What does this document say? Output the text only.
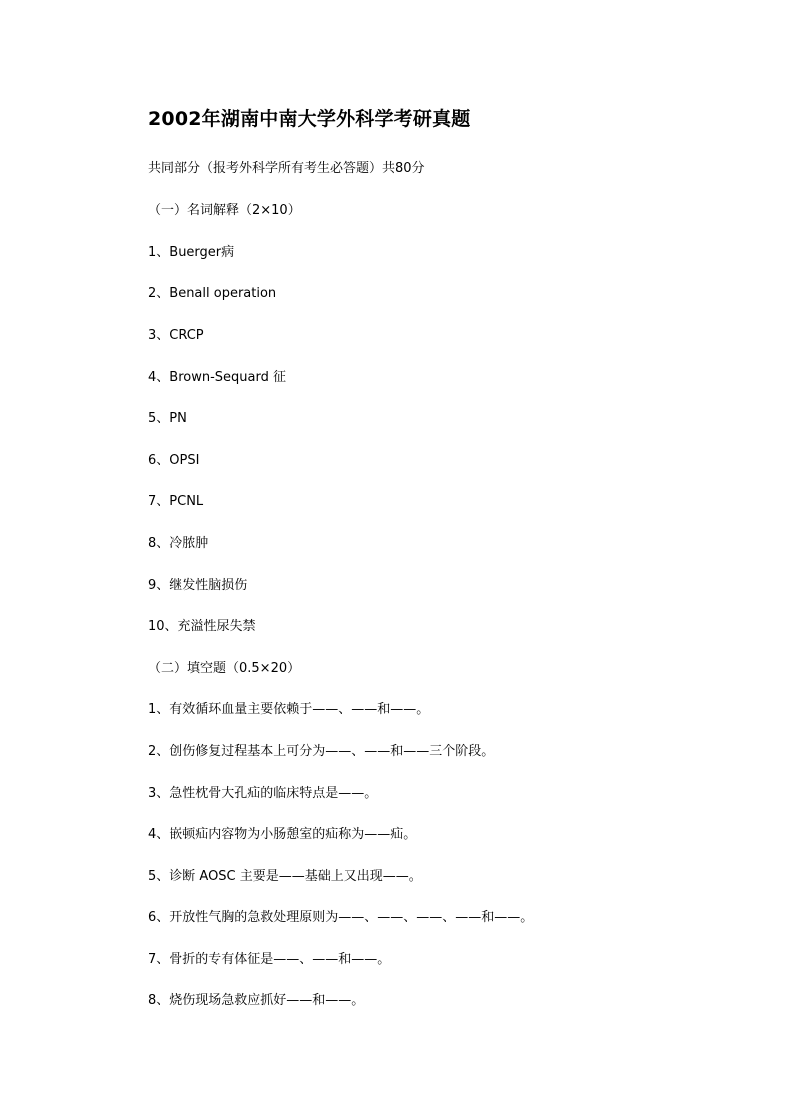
2002年湖南中南大学外科学考研真题
共同部分（报考外科学所有考生必答题）共80分
（一）名词解释（2×10）
1、Buerger病
2、Benall operation
3、CRCP
4、Brown-Sequard 征
5、PN
6、OPSI
7、PCNL
8、冷脓肿
9、继发性脑损伤
10、充溢性尿失禁
（二）填空题（0.5×20）
1、有效循环血量主要依赖于——、——和——。
2、创伤修复过程基本上可分为——、——和——三个阶段。
3、急性枕骨大孔疝的临床特点是——。
4、嵌顿疝内容物为小肠憩室的疝称为——疝。
5、诊断 AOSC 主要是——基础上又出现——。
6、开放性气胸的急救处理原则为——、——、——、——和——。
7、骨折的专有体征是——、——和——。
8、烧伤现场急救应抓好——和——。
